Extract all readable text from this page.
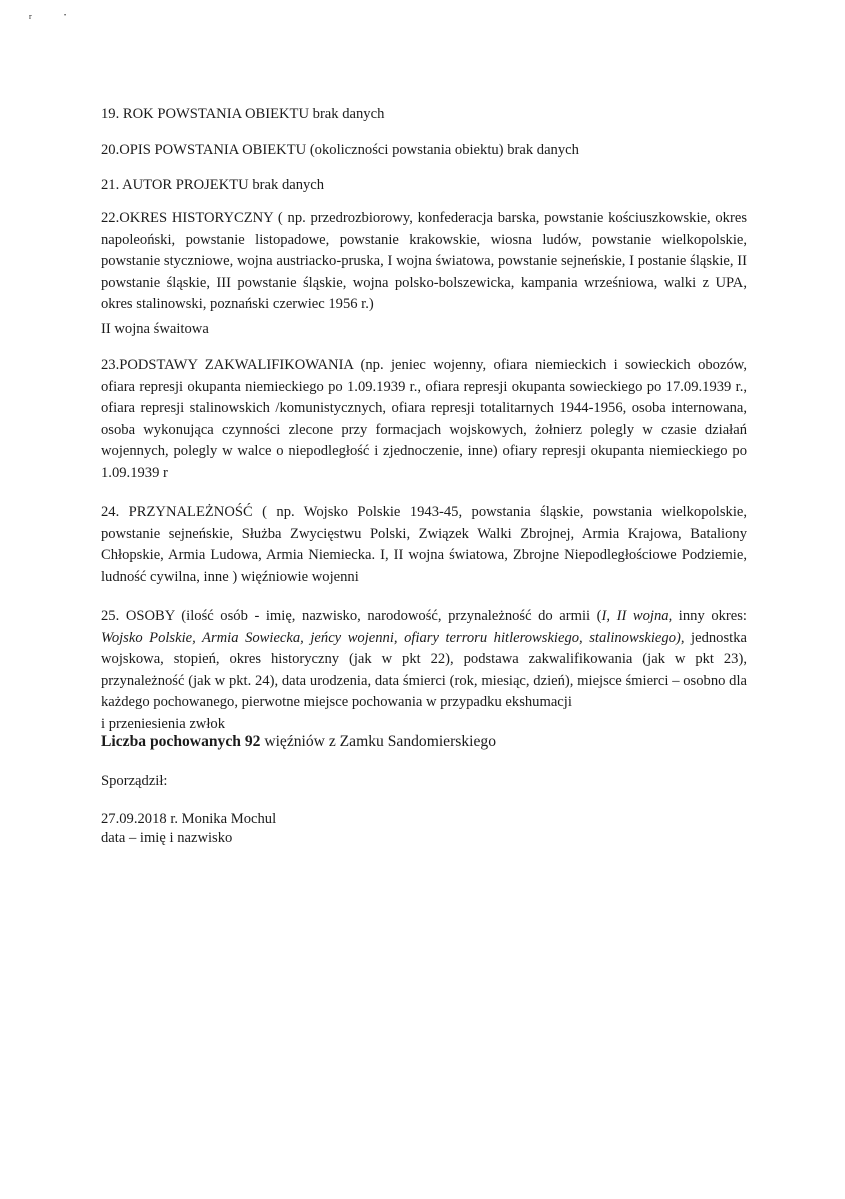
r	•

19. ROK POWSTANIA OBIEKTU brak danych

20.OPIS POWSTANIA OBIEKTU (okoliczności powstania obiektu) brak danych

21. AUTOR PROJEKTU brak danych

22.OKRES HISTORYCZNY ( np. przedrozbiorowy, konfederacja barska, powstanie kościuszkowskie, okres napoleoński, powstanie listopadowe, powstanie krakowskie, wiosna ludów, powstanie wielkopolskie, powstanie styczniowe, wojna austriacko-pruska, I wojna światowa, powstanie sejneńskie, I postanie śląskie, II powstanie śląskie, III powstanie śląskie, wojna polsko-bolszewicka, kampania wrześniowa, walki z UPA, okres stalinowski, poznański czerwiec 1956 r.)

II wojna śwaitowa

23.PODSTAWY ZAKWALIFIKOWANIA (np. jeniec wojenny, ofiara niemieckich i sowieckich obozów, ofiara represji okupanta niemieckiego po 1.09.1939 r., ofiara represji okupanta sowieckiego po 17.09.1939 r., ofiara represji stalinowskich /komunistycznych, ofiara represji totalitarnych 1944-1956, osoba internowana, osoba wykonująca czynności zlecone przy formacjach wojskowych, żołnierz polegly w czasie działań wojennych, polegly w walce o niepodległość i zjednoczenie, inne) ofiary represji okupanta niemieckiego po 1.09.1939 r

24. PRZYNALEŻNOŚĆ ( np. Wojsko Polskie 1943-45, powstania śląskie, powstania wielkopolskie, powstanie sejneńskie, Służba Zwycięstwu Polski, Związek Walki Zbrojnej, Armia Krajowa, Bataliony Chłopskie, Armia Ludowa, Armia Niemiecka. I, II wojna światowa, Zbrojne Niepodległościowe Podziemie, ludność cywilna, inne ) więźniowie wojenni

25. OSOBY (ilość osób - imię, nazwisko, narodowość, przynależność do armii (I, II wojna, inny okres: Wojsko Polskie, Armia Sowiecka, jeńcy wojenni, ofiary terroru hitlerowskiego, stalinowskiego), jednostka wojskowa, stopień, okres historyczny (jak w pkt 22), podstawa zakwalifikowania (jak w pkt 23), przynależność (jak w pkt. 24), data urodzenia, data śmierci (rok, miesiąc, dzień), miejsce śmierci – osobno dla każdego pochowanego, pierwotne miejsce pochowania w przypadku ekshumacji
i przeniesienia zwłok

Liczba pochowanych 92 więźniów z Zamku Sandomierskiego

Sporządził:

27.09.2018 r. Monika Mochul

data – imię i nazwisko
